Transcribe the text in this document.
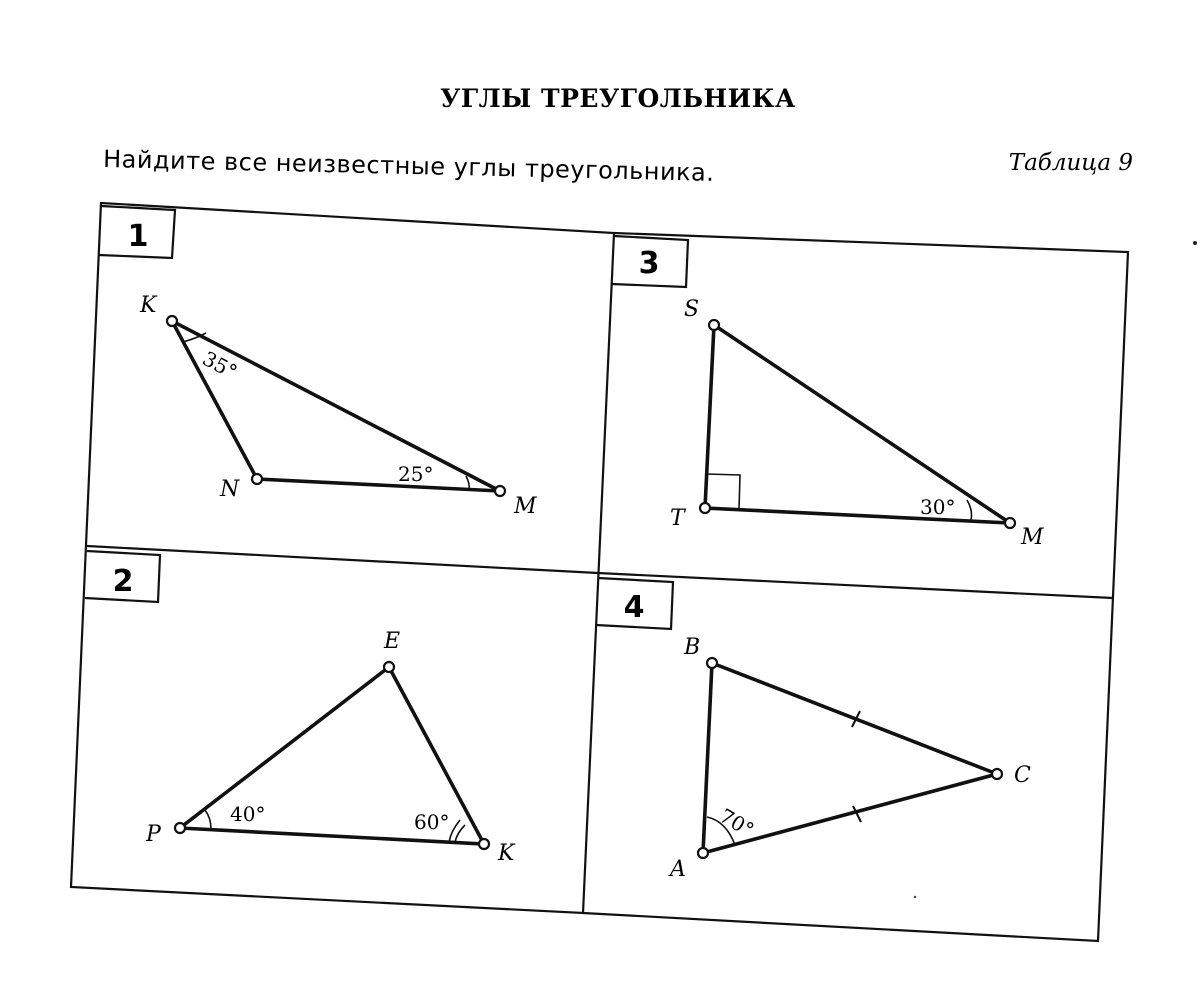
УГЛЫ ТРЕУГОЛЬНИКА
Найдите все неизвестные углы треугольника.	Таблица 9
1
K
N
M
35°
25°
2
E
P
K
40°	60°
3
S
T
M
30°
4
B
C
A
70°
